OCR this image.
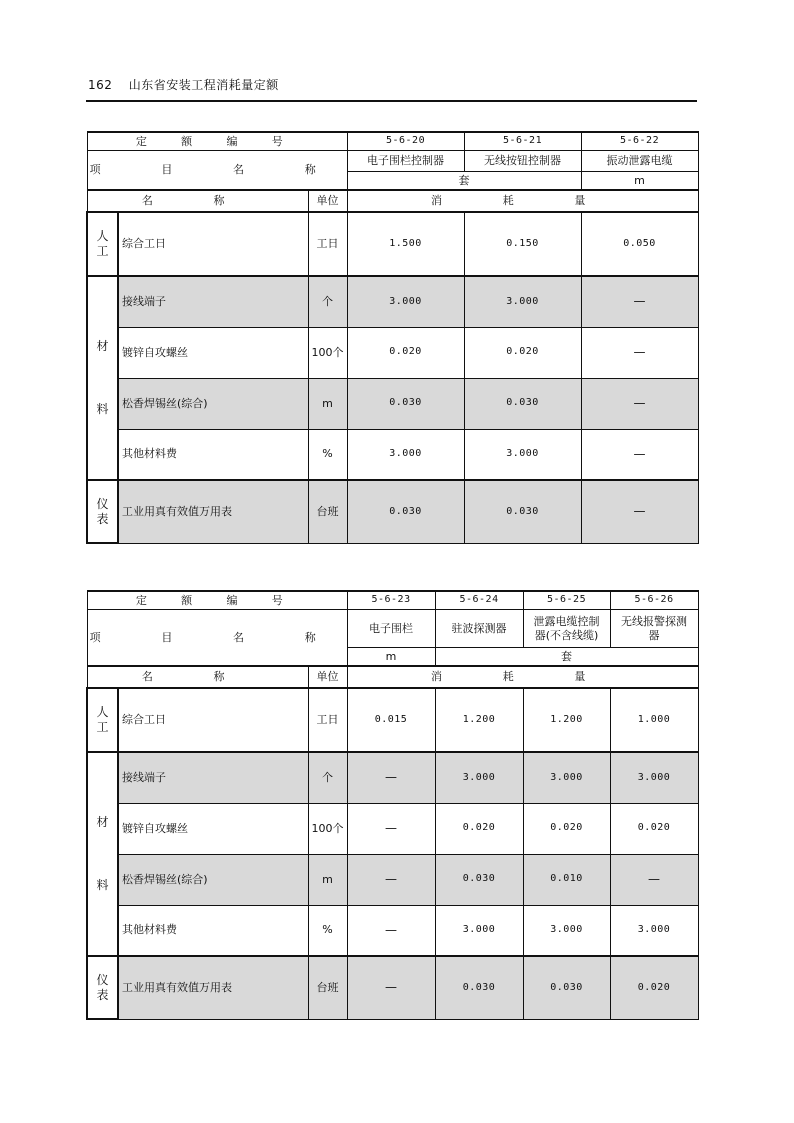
162 山东省安装工程消耗量定额
定 额 编 号			5-6-20	5-6-21	5-6-22
项 目 名 称			电子围栏控制器	无线按钮控制器	振动泄露电缆
			套		m
名 称		单位	消 耗 量		

人
工	综合工日	工日	1.500	0.150	0.050

材
料	接线端子	个	3.000	3.000	—
	镀锌自攻螺丝	100个	0.020	0.020	—
	松香焊锡丝(综合)	m	0.030	0.030	—
	其他材料费	%	3.000	3.000	—

仪
表	工业用真有效值万用表	台班	0.030	0.030	—
定 额 编 号			5-6-23	5-6-24	5-6-25	5-6-26
项 目 名 称			电子围栏	驻波探测器	泄露电缆控制器(不含线缆)	无线报警探测器
			m	套		
名 称		单位	消 耗 量			

人
工	综合工日	工日	0.015	1.200	1.200	1.000

材
料	接线端子	个	—	3.000	3.000	3.000
	镀锌自攻螺丝	100个	—	0.020	0.020	0.020
	松香焊锡丝(综合)	m	—	0.030	0.010	—
	其他材料费	%	—	3.000	3.000	3.000

仪
表	工业用真有效值万用表	台班	—	0.030	0.030	0.020
